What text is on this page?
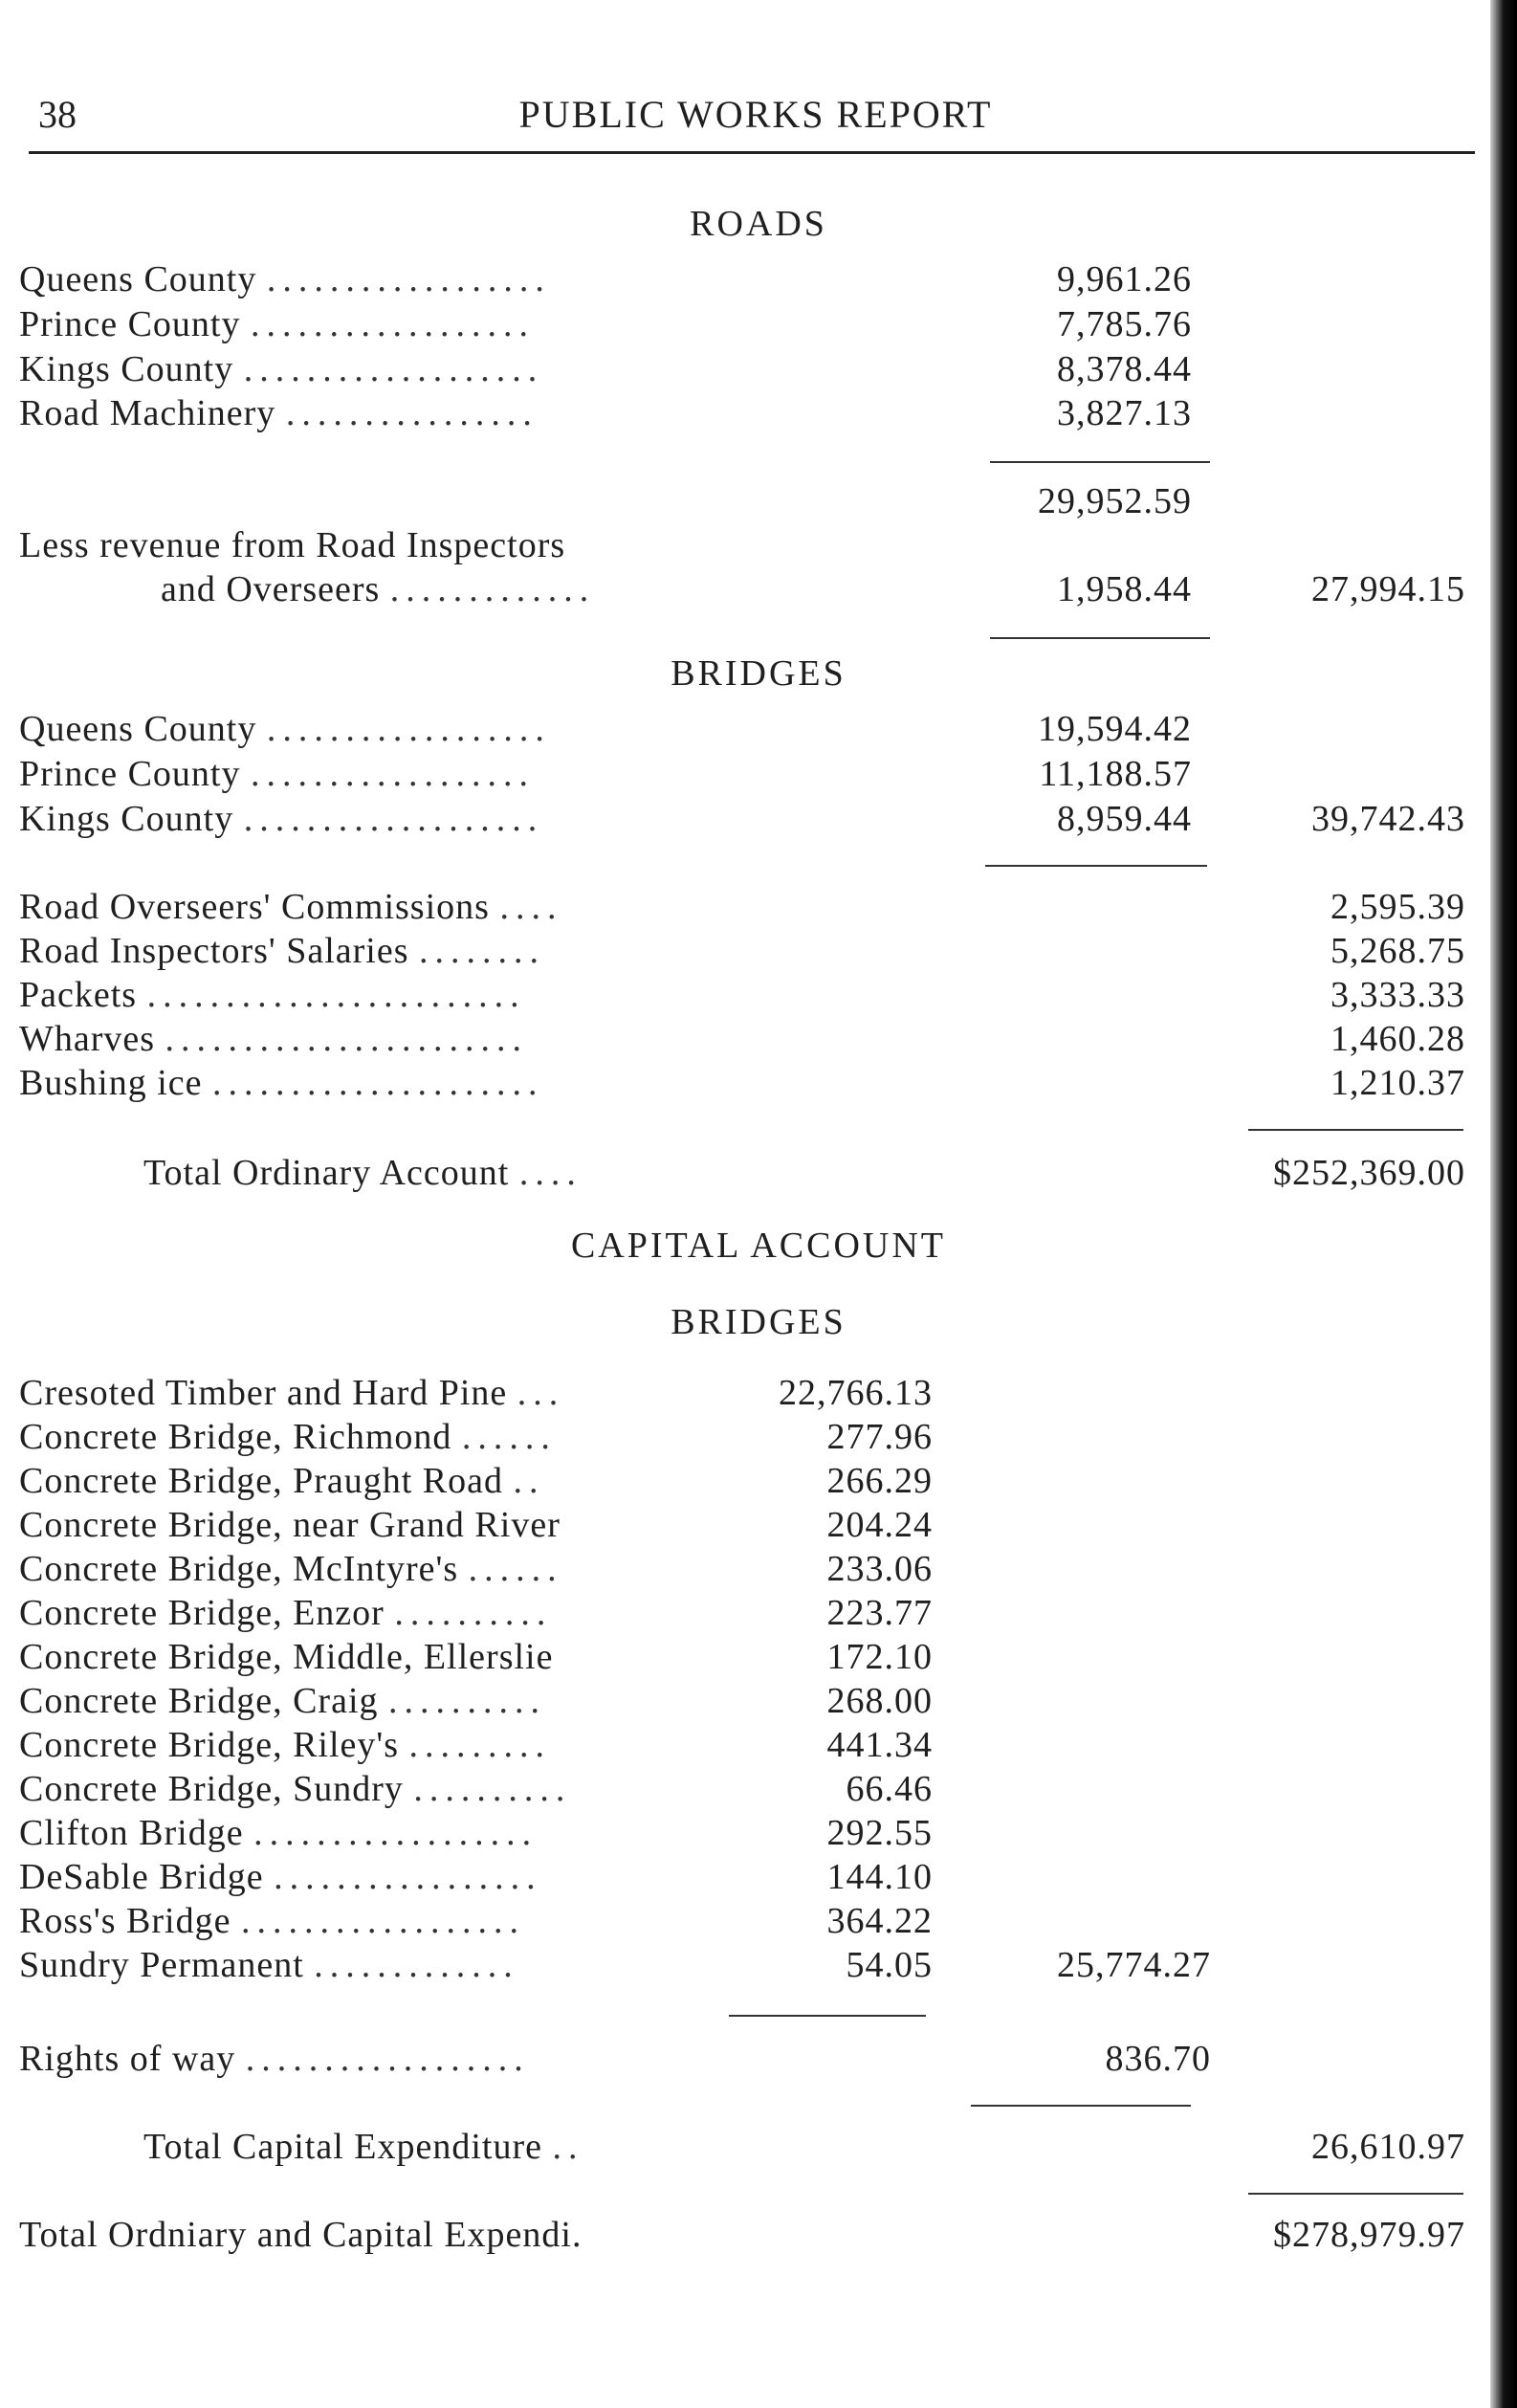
38	PUBLIC WORKS REPORT
ROADS
Queens County ..................	9,961.26
Prince County ..................	7,785.76
Kings County ...................	8,378.44
Road Machinery ................	3,827.13
29,952.59
Less revenue from Road Inspectors
and Overseers .............	1,958.44	27,994.15
BRIDGES
Queens County ..................	19,594.42
Prince County ..................	11,188.57
Kings County ...................	8,959.44	39,742.43
Road Overseers' Commissions ....	2,595.39
Road Inspectors' Salaries ........	5,268.75
Packets ........................	3,333.33
Wharves .......................	1,460.28
Bushing ice .....................	1,210.37
Total Ordinary Account ....	$252,369.00
CAPITAL ACCOUNT
BRIDGES
Cresoted Timber and Hard Pine ...	22,766.13
Concrete Bridge, Richmond ......	277.96
Concrete Bridge, Praught Road ..	266.29
Concrete Bridge, near Grand River	204.24
Concrete Bridge, McIntyre's ......	233.06
Concrete Bridge, Enzor ..........	223.77
Concrete Bridge, Middle, Ellerslie	172.10
Concrete Bridge, Craig ..........	268.00
Concrete Bridge, Riley's .........	441.34
Concrete Bridge, Sundry ..........	66.46
Clifton Bridge ..................	292.55
DeSable Bridge .................	144.10
Ross's Bridge ..................	364.22
Sundry Permanent .............	54.05	25,774.27
Rights of way ..................	836.70
Total Capital Expenditure ..	26,610.97
Total Ordniary and Capital Expendi.	$278,979.97
